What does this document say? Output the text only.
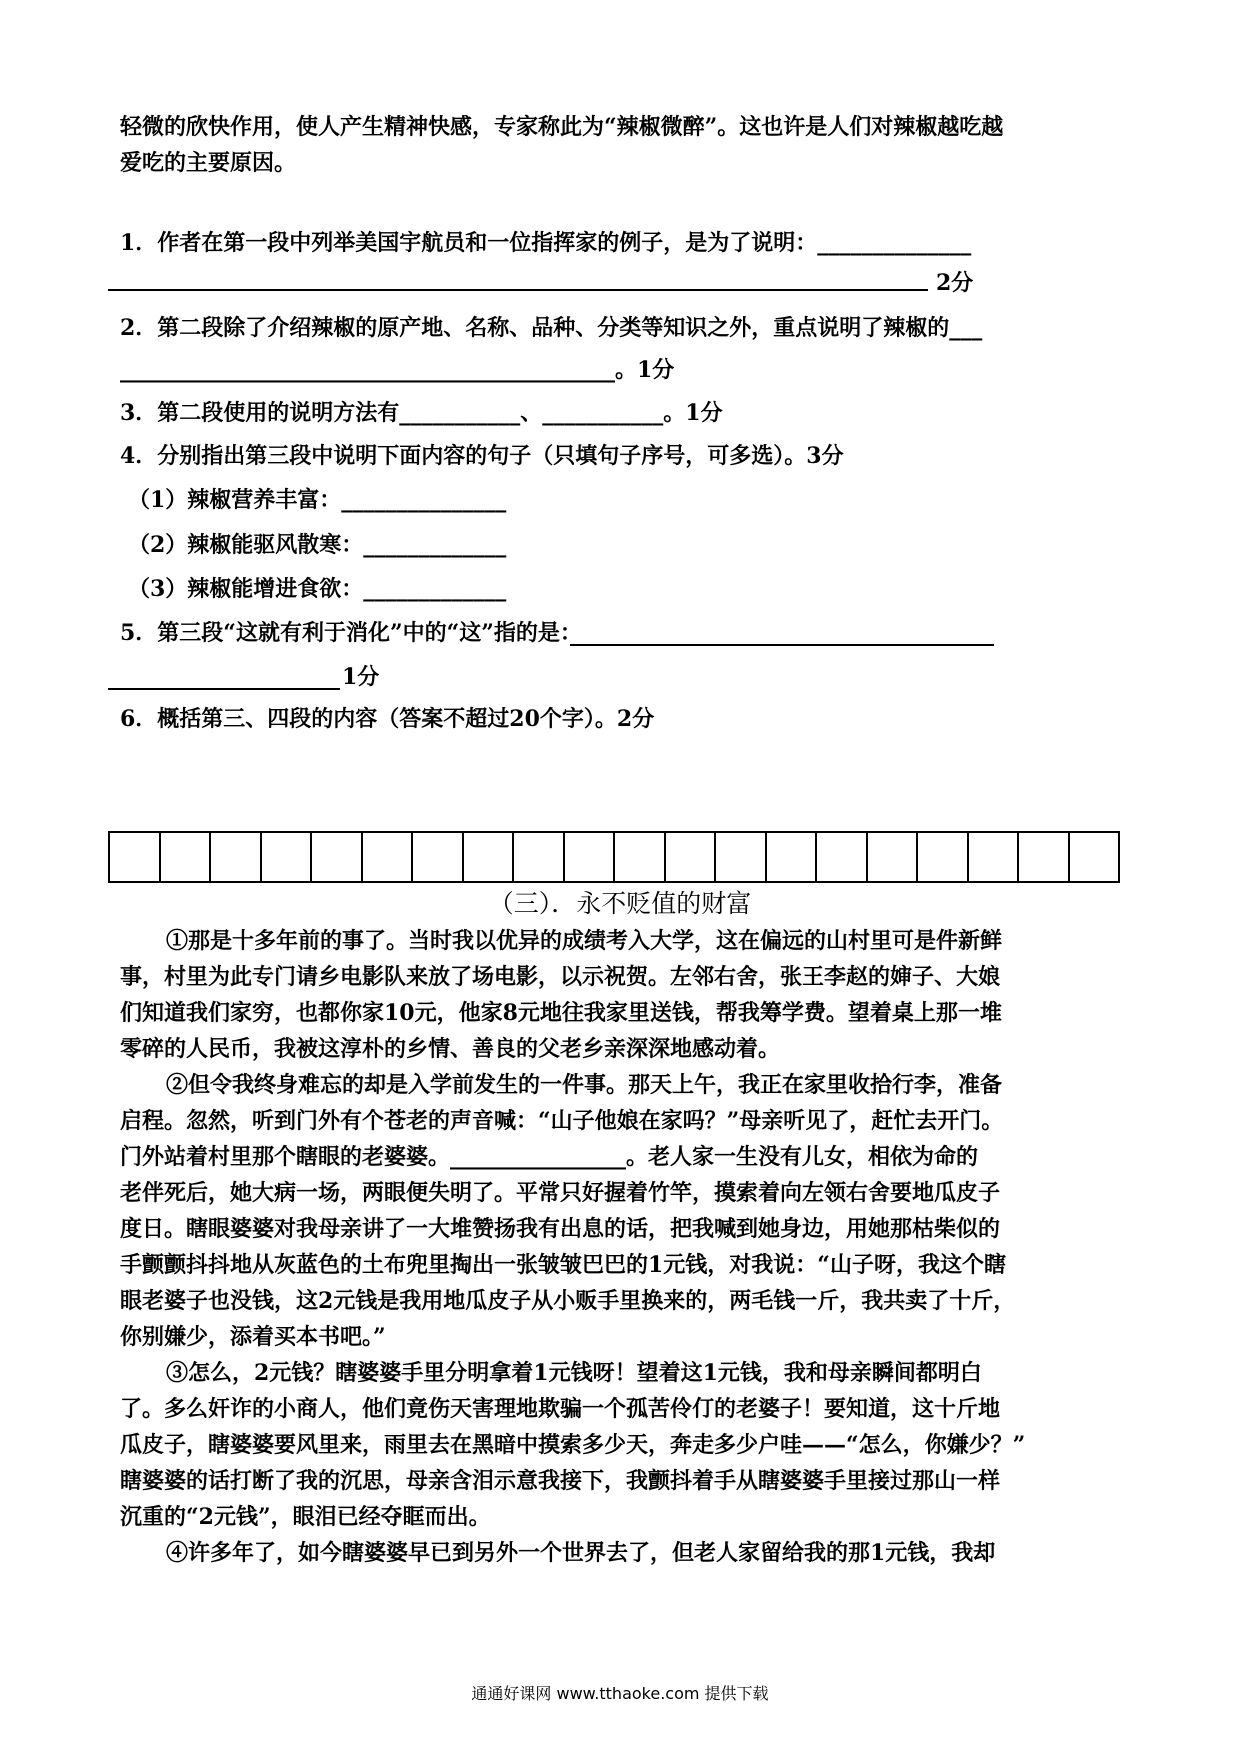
轻微的欣快作用，使人产生精神快感，专家称此为“辣椒微醉”。这也许是人们对辣椒越吃越
爱吃的主要原因。
1．作者在第一段中列举美国宇航员和一位指挥家的例子，是为了说明：______________
2分
2．第二段除了介绍辣椒的原产地、名称、品种、分类等知识之外，重点说明了辣椒的___
_____________________________________________。1分
3．第二段使用的说明方法有___________、___________。1分
4．分别指出第三段中说明下面内容的句子（只填句子序号，可多选）。3分
（1）辣椒营养丰富：_______________
（2）辣椒能驱风散寒：_____________
（3）辣椒能增进食欲：_____________
5．第三段“这就有利于消化”中的“这”指的是：
1分
6．概括第三、四段的内容（答案不超过20个字）。2分
（三）．永不贬值的财富
①那是十多年前的事了。当时我以优异的成绩考入大学，这在偏远的山村里可是件新鲜
事，村里为此专门请乡电影队来放了场电影，以示祝贺。左邻右舍，张王李赵的婶子、大娘
们知道我们家穷，也都你家10元，他家8元地往我家里送钱，帮我筹学费。望着桌上那一堆
零碎的人民币，我被这淳朴的乡情、善良的父老乡亲深深地感动着。
②但令我终身难忘的却是入学前发生的一件事。那天上午，我正在家里收拾行李，准备
启程。忽然，听到门外有个苍老的声音喊：“山子他娘在家吗？”母亲听见了，赶忙去开门。
门外站着村里那个瞎眼的老婆婆。________________。老人家一生没有儿女，相依为命的
老伴死后，她大病一场，两眼便失明了。平常只好握着竹竿，摸索着向左领右舍要地瓜皮子
度日。瞎眼婆婆对我母亲讲了一大堆赞扬我有出息的话，把我喊到她身边，用她那枯柴似的
手颤颤抖抖地从灰蓝色的土布兜里掏出一张皱皱巴巴的1元钱，对我说：“山子呀，我这个瞎
眼老婆子也没钱，这2元钱是我用地瓜皮子从小贩手里换来的，两毛钱一斤，我共卖了十斤，
你别嫌少，添着买本书吧。”
③怎么，2元钱？瞎婆婆手里分明拿着1元钱呀！望着这1元钱，我和母亲瞬间都明白
了。多么奸诈的小商人，他们竟伤天害理地欺骗一个孤苦伶仃的老婆子！要知道，这十斤地
瓜皮子，瞎婆婆要风里来，雨里去在黑暗中摸索多少天，奔走多少户哇——“怎么，你嫌少？”
瞎婆婆的话打断了我的沉思，母亲含泪示意我接下，我颤抖着手从瞎婆婆手里接过那山一样
沉重的“2元钱”，眼泪已经夺眶而出。
④许多年了，如今瞎婆婆早已到另外一个世界去了，但老人家留给我的那1元钱，我却
通通好课网 www.tthaoke.com 提供下载
